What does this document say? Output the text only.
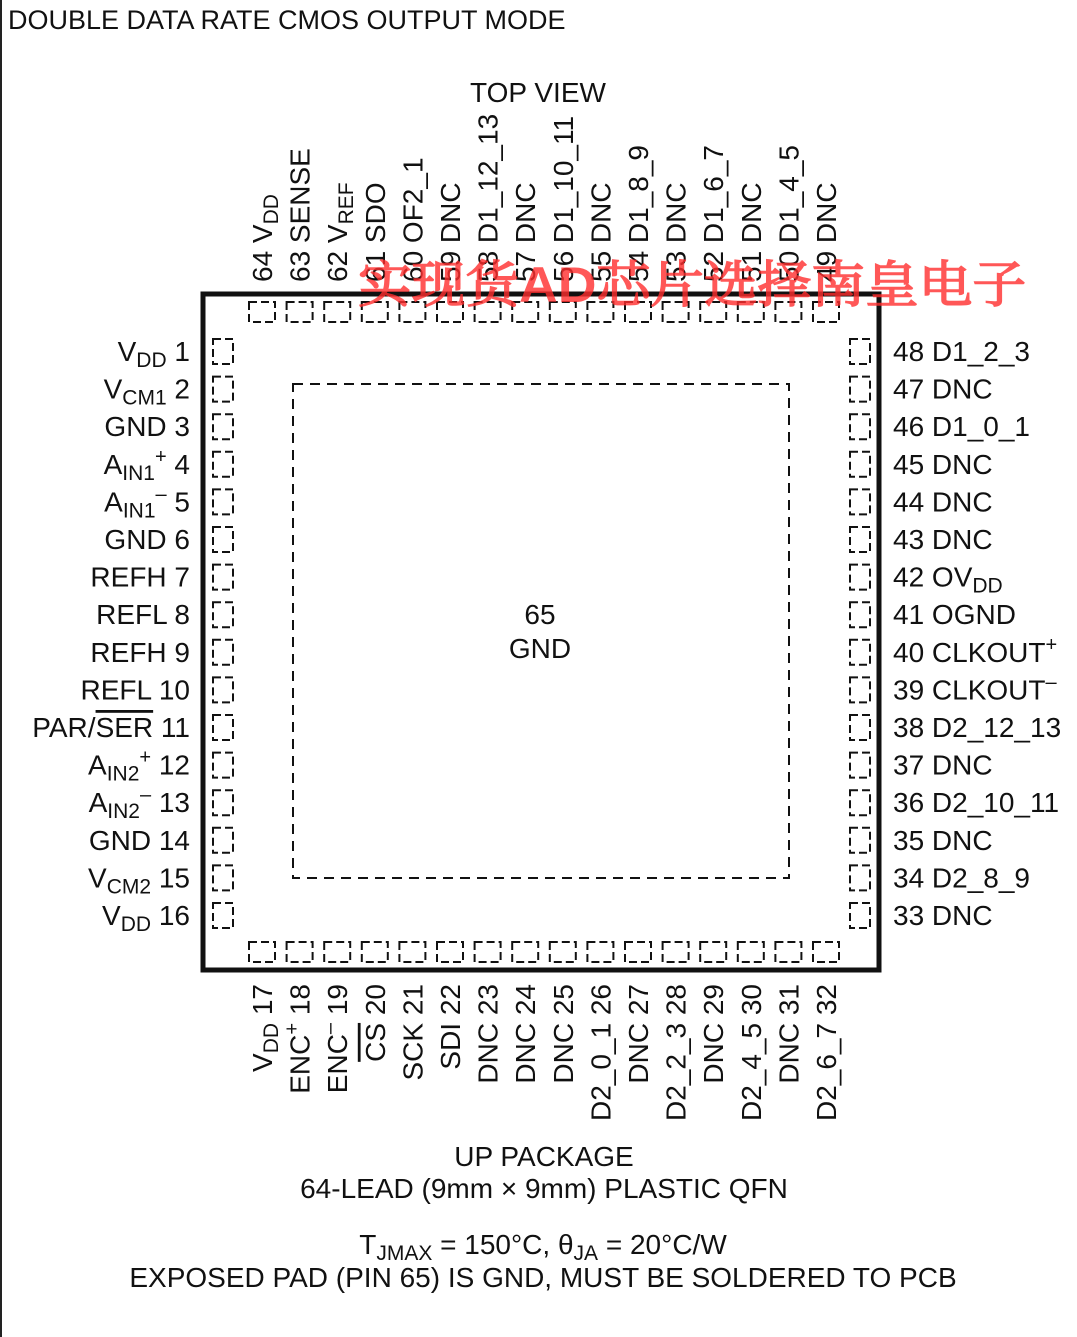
DOUBLE DATA RATE CMOS OUTPUT MODE
TOP VIEW
65
GND
$V_{DD}$ 1
$V_{CM1}$ 2
GND 3
$A_{IN1}^+$ 4
$A_{IN1}^-$ 5
GND 6
REFH 7
REFL 8
REFH 9
REFL 10
PAR/SER 11
$A_{IN2}^+$ 12
$A_{IN2}^-$ 13
GND 14
$V_{CM2}$ 15
$V_{DD}$ 16
48 D1_2_3
47 DNC
46 D1_0_1
45 DNC
44 DNC
43 DNC
42 $OV_{DD}$
41 OGND
40 CLKOUT+
39 CLKOUT–
38 D2_12_13
37 DNC
36 D2_10_11
35 DNC
34 D2_8_9
33 DNC
64 $V_{DD}$ 63 SENSE 62 $V_{REF}$ 61 SDO 60 OF2_1 59 DNC 58 D1_12_13 57 DNC 56 D1_10_11 55 DNC 54 D1_8_9 53 DNC 52 D1_6_7 51 DNC 50 D1_4_5 49 DNC
$V_{DD}$ 17
ENC+ 18
ENC– 19
CS 20 SCK 21 SDI 22 DNC 23 DNC 24 DNC 25 D2_0_1 26 DNC 27 D2_2_3 28 DNC 29 D2_4_5 30 DNC 31 D2_6_7 32
实现货AD芯片选择南皇电子
UP PACKAGE
64-LEAD (9mm × 9mm) PLASTIC QFN
$T_{JMAX} = 150^\circ C$, $\theta_{JA} = 20^\circ C/W$
EXPOSED PAD (PIN 65) IS GND, MUST BE SOLDERED TO PCB
